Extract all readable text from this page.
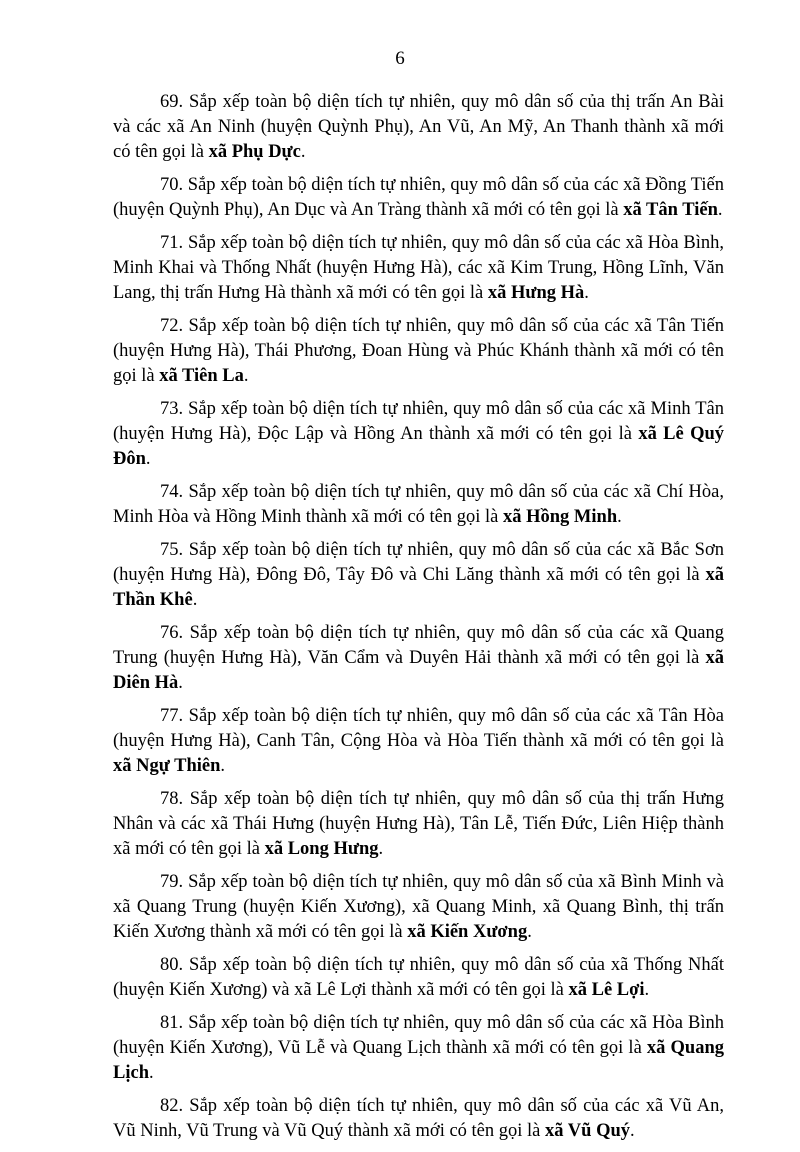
6

69. Sắp xếp toàn bộ diện tích tự nhiên, quy mô dân số của thị trấn An Bài và các xã An Ninh (huyện Quỳnh Phụ), An Vũ, An Mỹ, An Thanh thành xã mới có tên gọi là xã Phụ Dực.

70. Sắp xếp toàn bộ diện tích tự nhiên, quy mô dân số của các xã Đồng Tiến (huyện Quỳnh Phụ), An Dục và An Tràng thành xã mới có tên gọi là xã Tân Tiến.

71. Sắp xếp toàn bộ diện tích tự nhiên, quy mô dân số của các xã Hòa Bình, Minh Khai và Thống Nhất (huyện Hưng Hà), các xã Kim Trung, Hồng Lĩnh, Văn Lang, thị trấn Hưng Hà thành xã mới có tên gọi là xã Hưng Hà.

72. Sắp xếp toàn bộ diện tích tự nhiên, quy mô dân số của các xã Tân Tiến (huyện Hưng Hà), Thái Phương, Đoan Hùng và Phúc Khánh thành xã mới có tên gọi là xã Tiên La.

73. Sắp xếp toàn bộ diện tích tự nhiên, quy mô dân số của các xã Minh Tân (huyện Hưng Hà), Độc Lập và Hồng An thành xã mới có tên gọi là xã Lê Quý Đôn.

74. Sắp xếp toàn bộ diện tích tự nhiên, quy mô dân số của các xã Chí Hòa, Minh Hòa và Hồng Minh thành xã mới có tên gọi là xã Hồng Minh.

75. Sắp xếp toàn bộ diện tích tự nhiên, quy mô dân số của các xã Bắc Sơn (huyện Hưng Hà), Đông Đô, Tây Đô và Chi Lăng thành xã mới có tên gọi là xã Thần Khê.

76. Sắp xếp toàn bộ diện tích tự nhiên, quy mô dân số của các xã Quang Trung (huyện Hưng Hà), Văn Cẩm và Duyên Hải thành xã mới có tên gọi là xã Diên Hà.

77. Sắp xếp toàn bộ diện tích tự nhiên, quy mô dân số của các xã Tân Hòa (huyện Hưng Hà), Canh Tân, Cộng Hòa và Hòa Tiến thành xã mới có tên gọi là xã Ngự Thiên.

78. Sắp xếp toàn bộ diện tích tự nhiên, quy mô dân số của thị trấn Hưng Nhân và các xã Thái Hưng (huyện Hưng Hà), Tân Lễ, Tiến Đức, Liên Hiệp thành xã mới có tên gọi là xã Long Hưng.

79. Sắp xếp toàn bộ diện tích tự nhiên, quy mô dân số của xã Bình Minh và xã Quang Trung (huyện Kiến Xương), xã Quang Minh, xã Quang Bình, thị trấn Kiến Xương thành xã mới có tên gọi là xã Kiến Xương.

80. Sắp xếp toàn bộ diện tích tự nhiên, quy mô dân số của xã Thống Nhất (huyện Kiến Xương) và xã Lê Lợi thành xã mới có tên gọi là xã Lê Lợi.

81. Sắp xếp toàn bộ diện tích tự nhiên, quy mô dân số của các xã Hòa Bình (huyện Kiến Xương), Vũ Lễ và Quang Lịch thành xã mới có tên gọi là xã Quang Lịch.

82. Sắp xếp toàn bộ diện tích tự nhiên, quy mô dân số của các xã Vũ An, Vũ Ninh, Vũ Trung và Vũ Quý thành xã mới có tên gọi là xã Vũ Quý.
